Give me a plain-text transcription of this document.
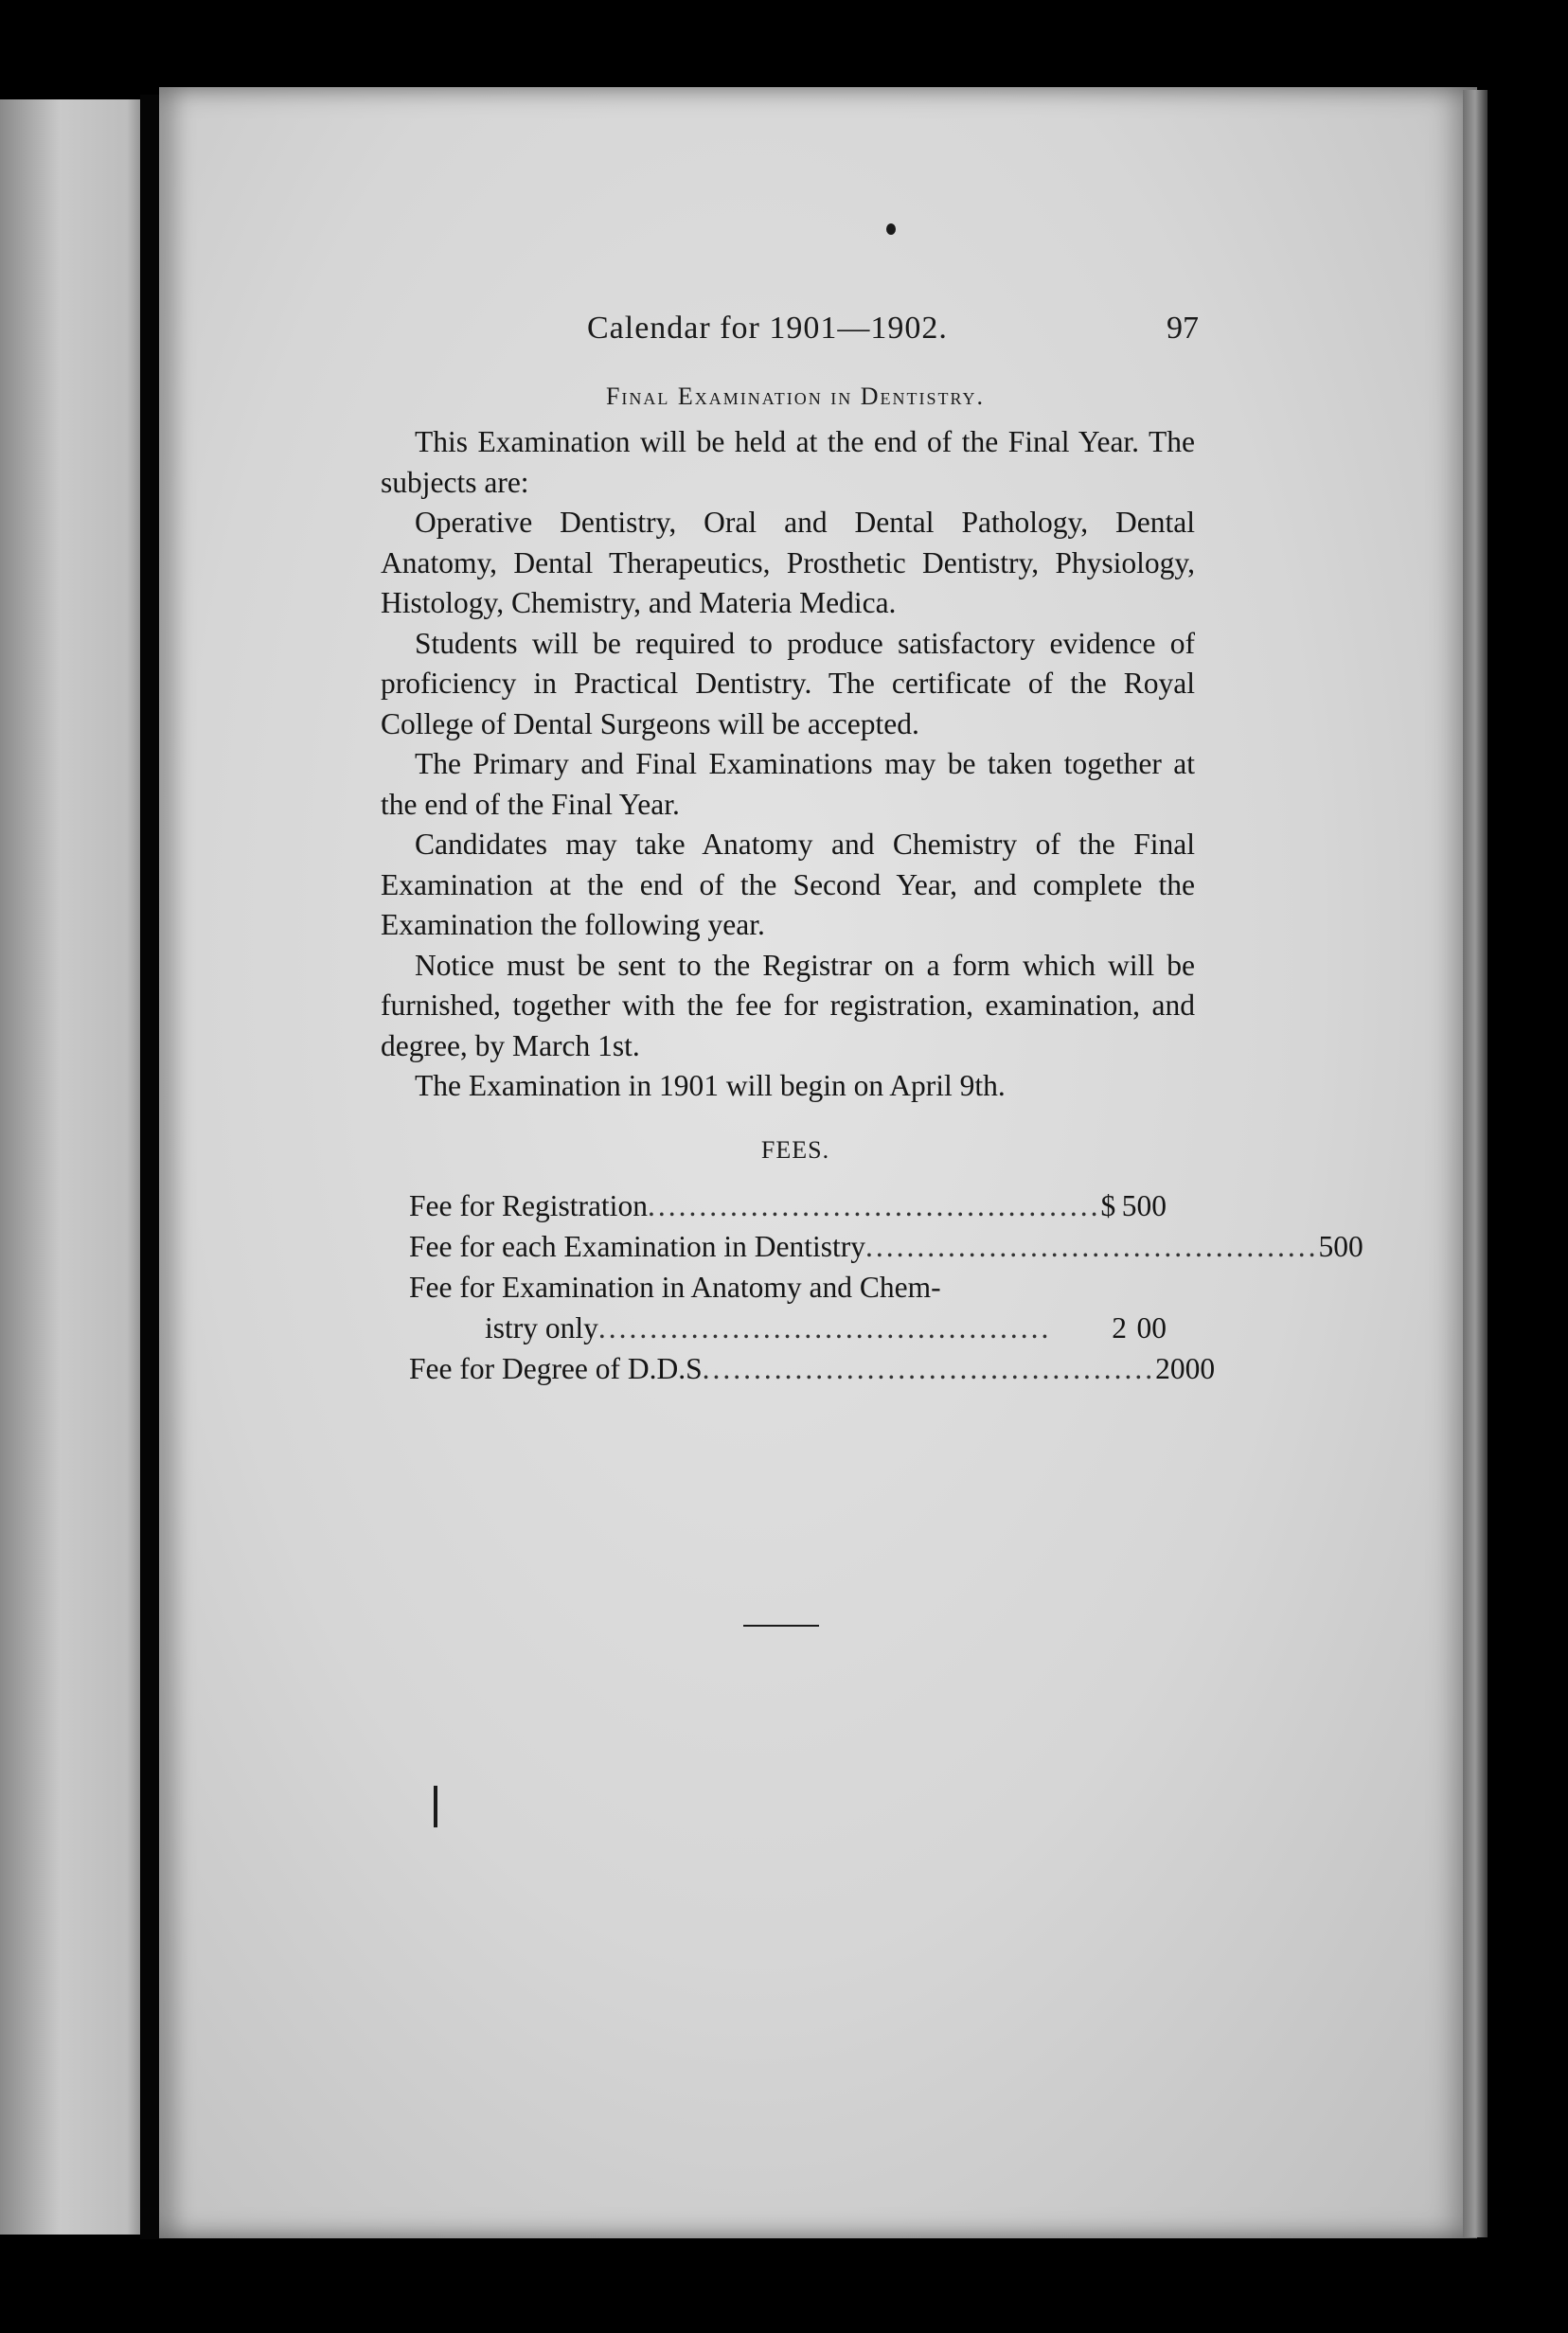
Calendar for 1901—1902.	97
Final Examination in Dentistry.

This Examination will be held at the end of the Final Year. The subjects are:

Operative Dentistry, Oral and Dental Pathology, Dental Anatomy, Dental Therapeutics, Prosthetic Dentistry, Physiology, Histology, Chemistry, and Materia Medica.

Students will be required to produce satisfactory evidence of proficiency in Practical Dentistry. The certificate of the Royal College of Dental Surgeons will be accepted.

The Primary and Final Examinations may be taken together at the end of the Final Year.

Candidates may take Anatomy and Chemistry of the Final Examination at the end of the Second Year, and complete the Examination the following year.

Notice must be sent to the Registrar on a form which will be furnished, together with the fee for registration, examination, and degree, by March 1st.

The Examination in 1901 will begin on April 9th.

FEES.
Fee for Registration ............................................ $ 5 00
Fee for each Examination in Dentistry ............................................ 5 00
Fee for Examination in Anatomy and Chem-
istry only ............................................	2 00
Fee for Degree of D.D.S ............................................ 20 00
